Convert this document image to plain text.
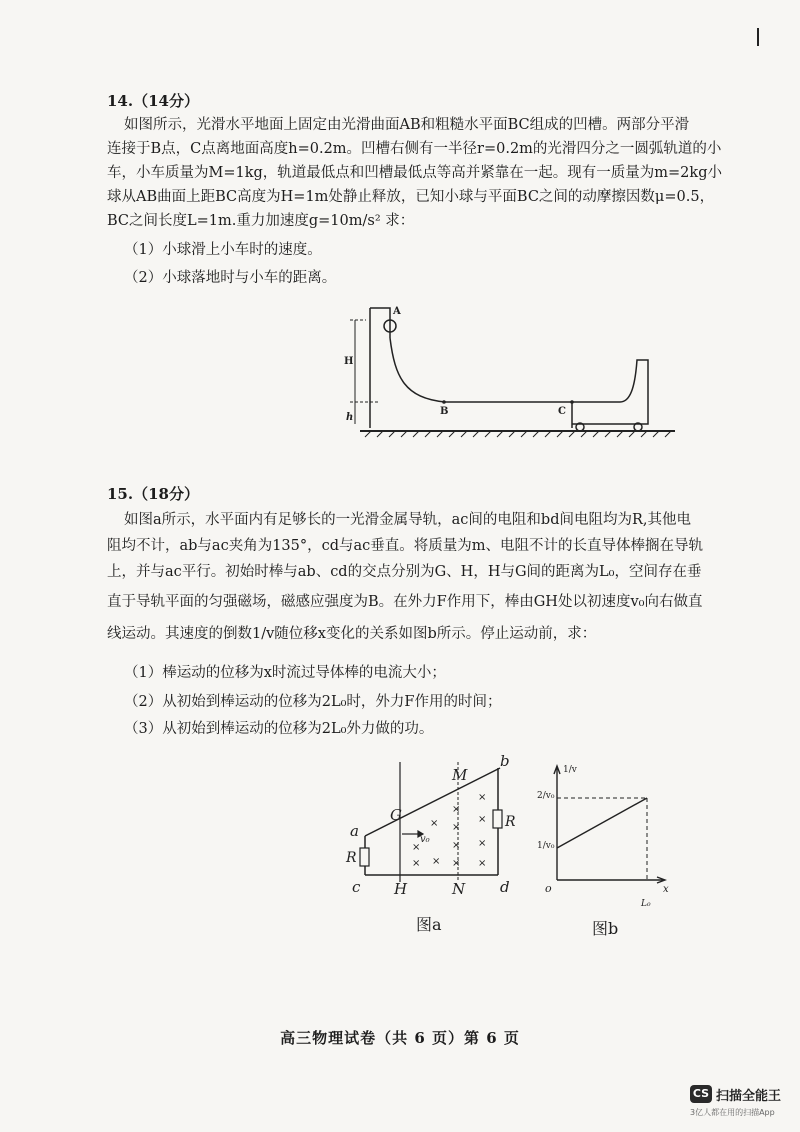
14.（14分）
如图所示，光滑水平地面上固定由光滑曲面AB和粗糙水平面BC组成的凹槽。两部分平滑
连接于B点，C点离地面高度h=0.2m。凹槽右侧有一半径r=0.2m的光滑四分之一圆弧轨道的小
车，小车质量为M=1kg，轨道最低点和凹槽最低点等高并紧靠在一起。现有一质量为m=2kg小
球从AB曲面上距BC高度为H=1m处静止释放，已知小球与平面BC之间的动摩擦因数μ=0.5，
BC之间长度L=1m.重力加速度g=10m/s² 求：
（1）小球滑上小车时的速度。
（2）小球落地时与小车的距离。
A
B	C
H
h
15.（18分）
如图a所示，水平面内有足够长的一光滑金属导轨，ac间的电阻和bd间电阻均为R,其他电
阻均不计，ab与ac夹角为135°，cd与ac垂直。将质量为m、电阻不计的长直导体棒搁在导轨
上，并与ac平行。初始时棒与ab、cd的交点分别为G、H，H与G间的距离为L₀，空间存在垂
直于导轨平面的匀强磁场，磁感应强度为B。在外力F作用下，棒由GH处以初速度v₀向右做直
线运动。其速度的倒数1/v随位移x变化的关系如图b所示。停止运动前，求：
（1）棒运动的位移为x时流过导体棒的电流大小；
（2）从初始到棒运动的位移为2L₀时，外力F作用的时间；
（3）从初始到棒运动的位移为2L₀外力做的功。
a
b
c	d
G
H
M
N
R
R
v₀
×
×
×
×
×
×
× ×
× × × ×
图a
1/v
2/v₀
1/v₀
o	x
L₀
图b
高三物理试卷（共 6 页）第 6 页
CS 扫描全能王
3亿人都在用的扫描App
